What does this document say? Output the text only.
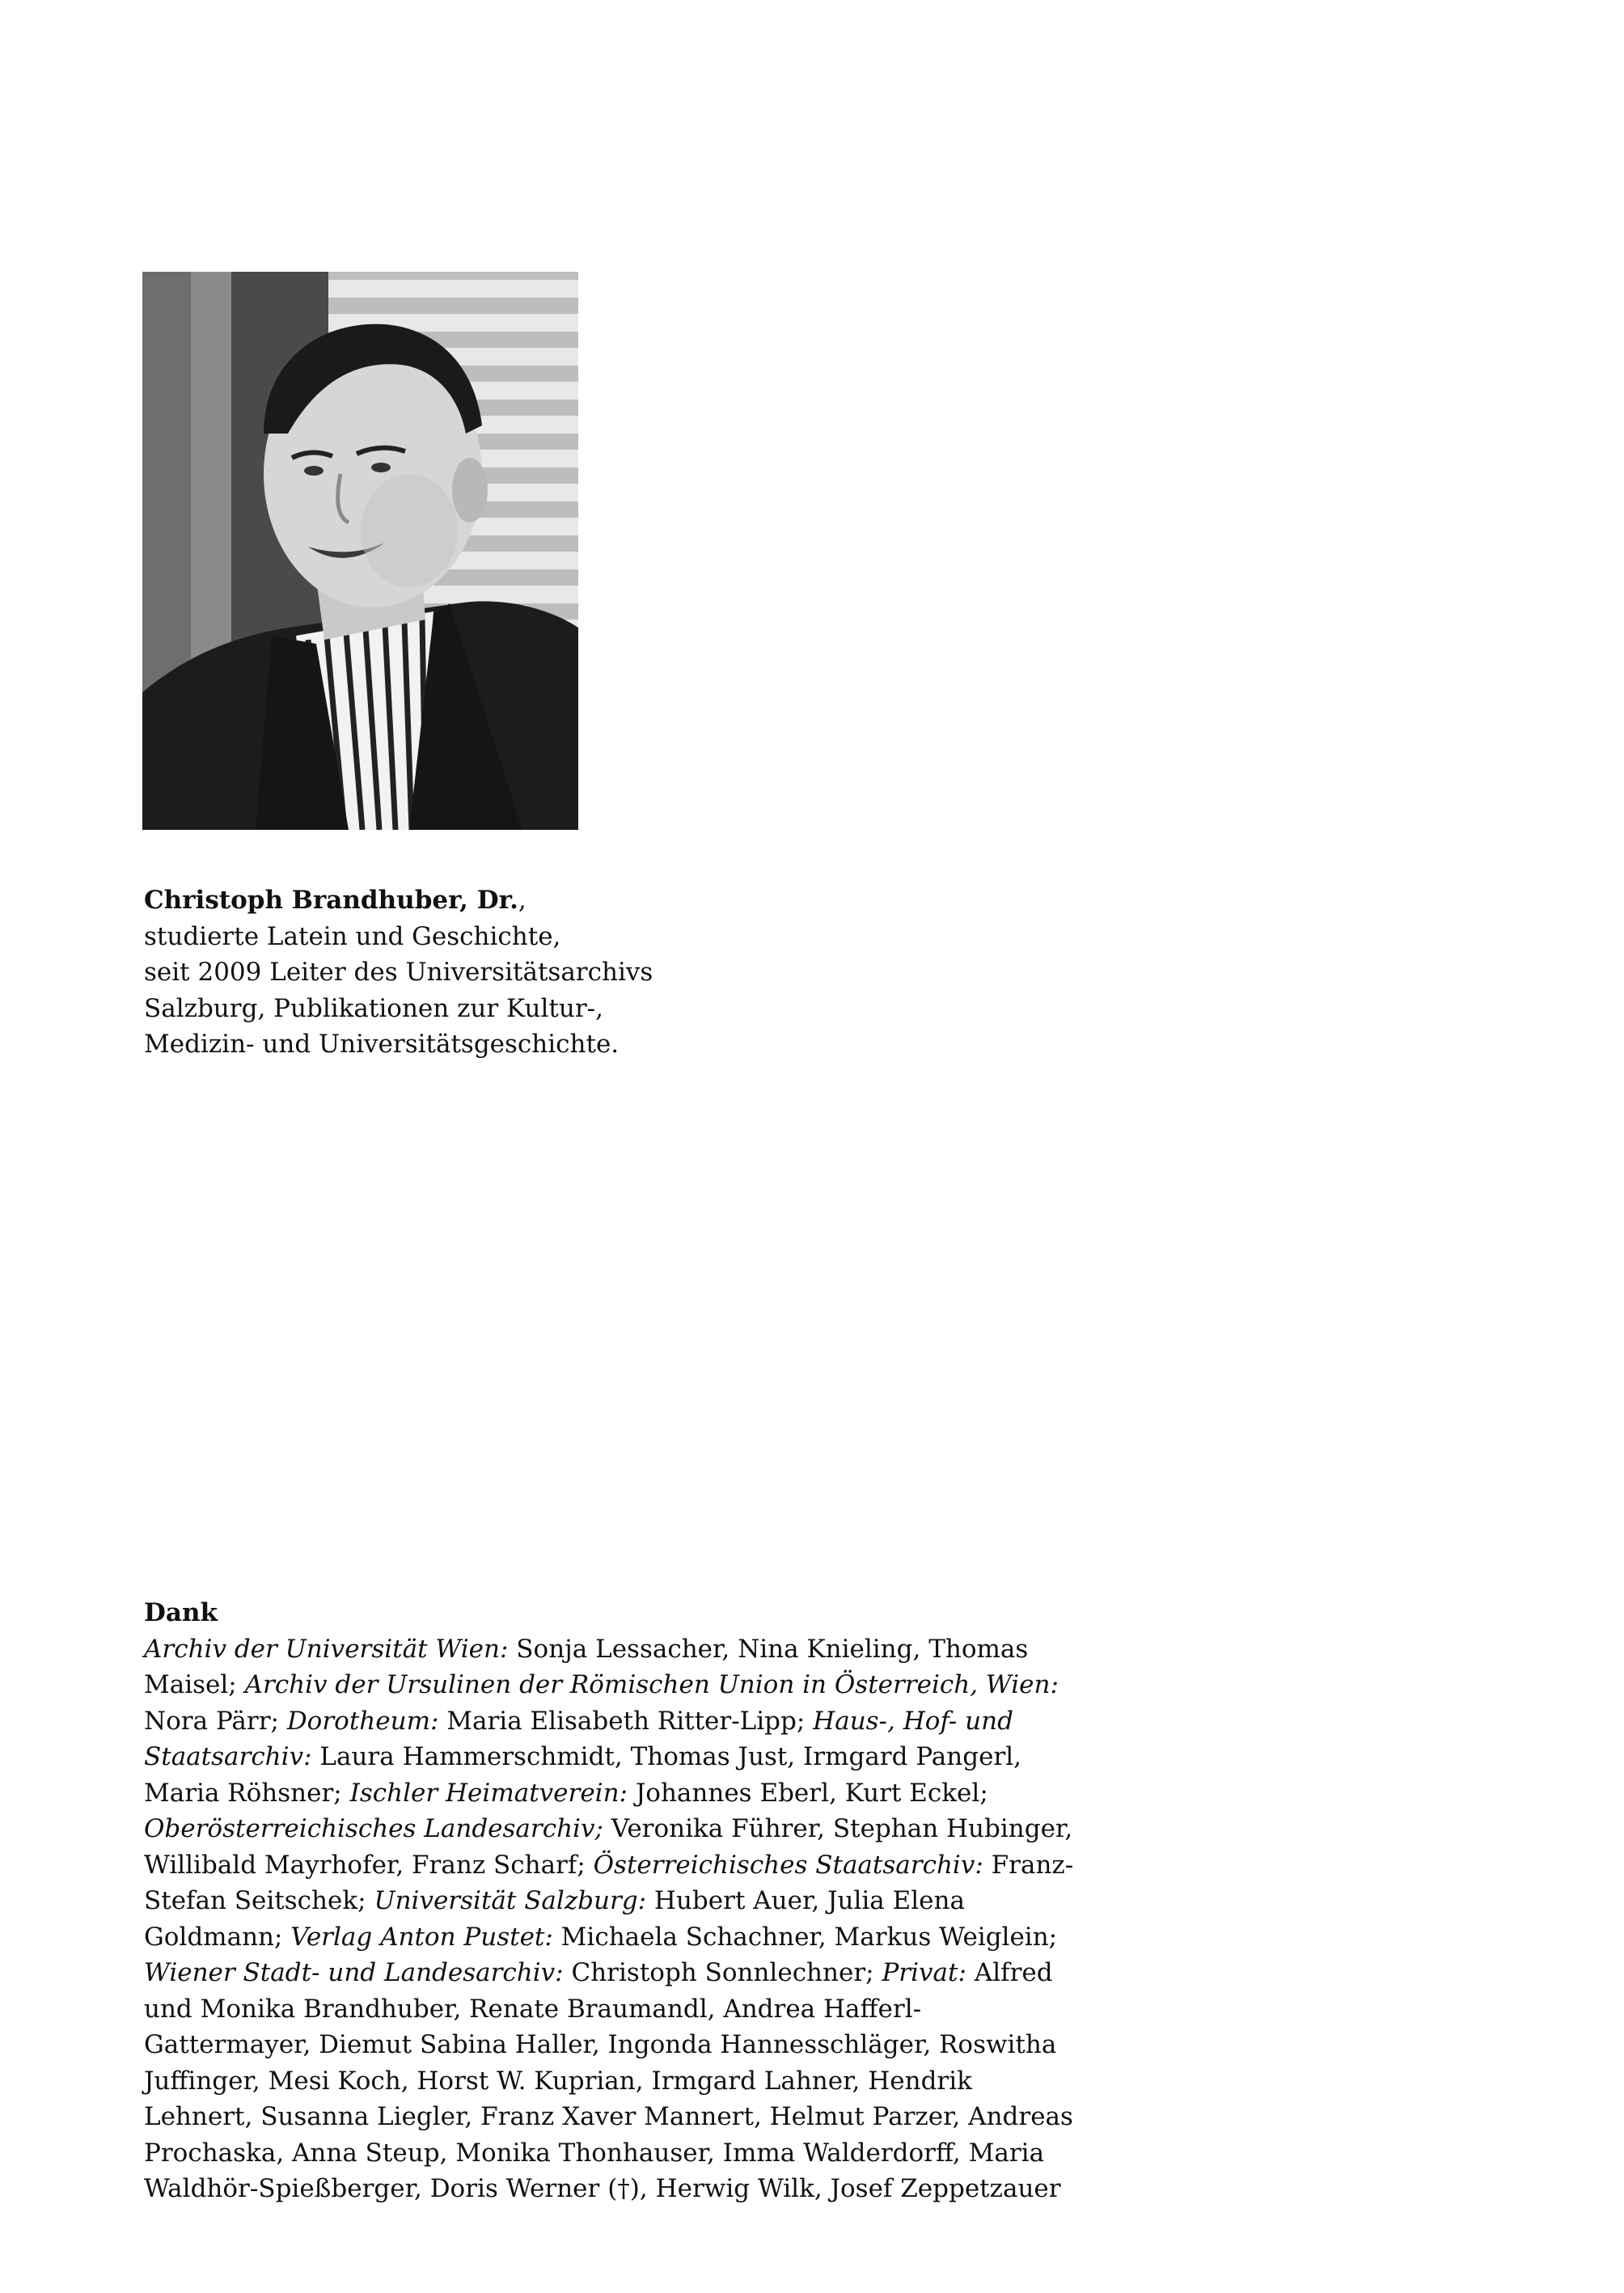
Christoph Brandhuber, Dr.,
studierte Latein und Geschichte,
seit 2009 Leiter des Universitätsarchivs
Salzburg, Publikationen zur Kultur-,
Medizin- und Universitätsgeschichte.
Dank
Archiv der Universität Wien: Sonja Lessacher, Nina Knieling, Thomas Maisel; Archiv der Ursulinen der Römischen Union in Österreich, Wien: Nora Pärr; Dorotheum: Maria Elisabeth Ritter-Lipp; Haus-, Hof- und Staatsarchiv: Laura Hammerschmidt, Thomas Just, Irmgard Pangerl, Maria Röhsner; Ischler Heimatverein: Johannes Eberl, Kurt Eckel; Oberösterreichisches Landesarchiv; Veronika Führer, Stephan Hubinger, Willibald Mayrhofer, Franz Scharf; Österreichisches Staatsarchiv: Franz-Stefan Seitschek; Universität Salzburg: Hubert Auer, Julia Elena Goldmann; Verlag Anton Pustet: Michaela Schachner, Markus Weiglein; Wiener Stadt- und Landesarchiv: Christoph Sonnlechner; Privat: Alfred und Monika Brandhuber, Renate Braumandl, Andrea Hafferl-Gattermayer, Diemut Sabina Haller, Ingonda Hannesschläger, Roswitha Juffinger, Mesi Koch, Horst W. Kuprian, Irmgard Lahner, Hendrik Lehnert, Susanna Liegler, Franz Xaver Mannert, Helmut Parzer, Andreas Prochaska, Anna Steup, Monika Thonhauser, Imma Walderdorff, Maria Waldhör-Spießberger, Doris Werner (†), Herwig Wilk, Josef Zeppetzauer
